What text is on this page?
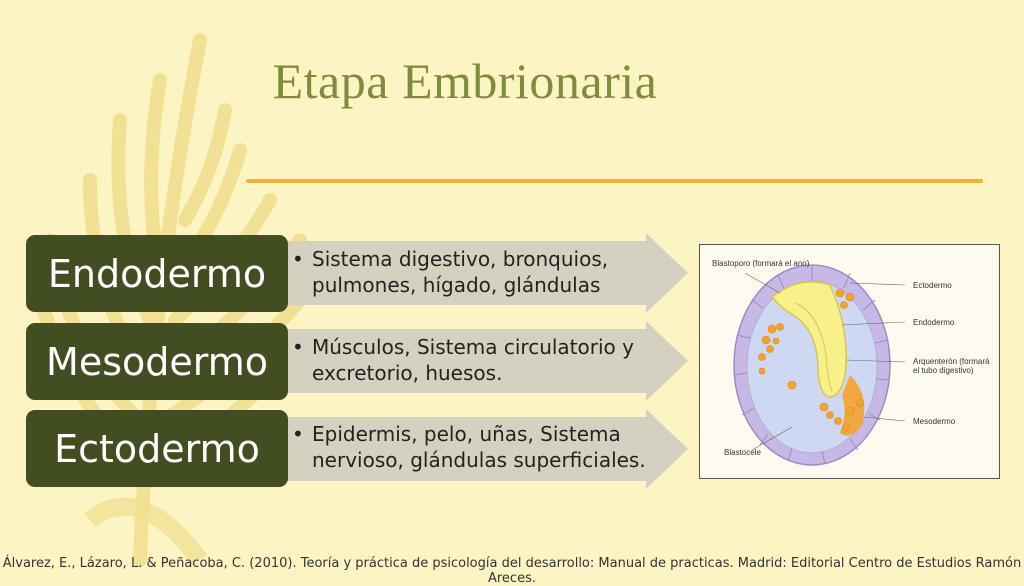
Etapa Embrionaria
Endodermo	• Sistema digestivo, bronquios, pulmones, hígado, glándulas
Mesodermo	• Músculos, Sistema circulatorio y excretorio, huesos.
Ectodermo	• Epidermis, pelo, uñas, Sistema nervioso, glándulas superficiales.
Blastoporo (formará el ano)
Ectodermo
Endodermo
Arquenterón (formará el tubo digestivo)
Mesodermo
Blastocele
Álvarez, E., Lázaro, L. & Peñacoba, C. (2010). Teoría y práctica de psicología del desarrollo: Manual de practicas. Madrid: Editorial Centro de Estudios Ramón Areces.
